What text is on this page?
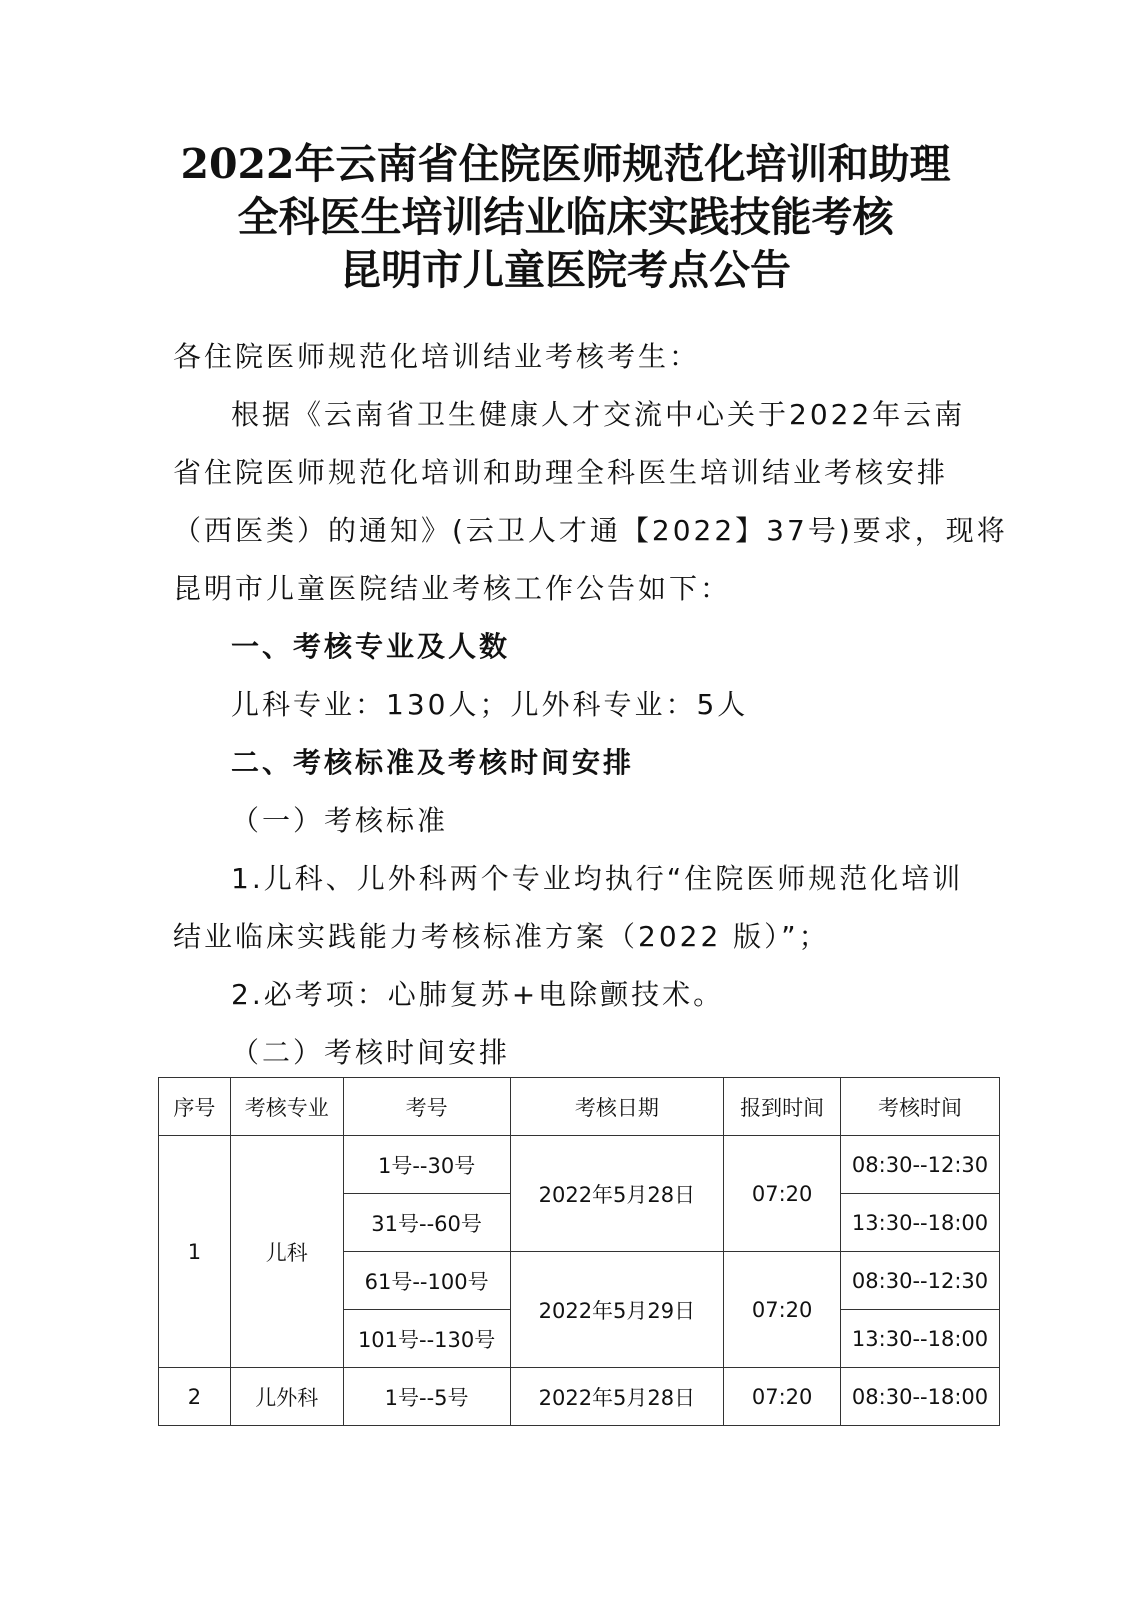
2022年云南省住院医师规范化培训和助理
全科医生培训结业临床实践技能考核
昆明市儿童医院考点公告
各住院医师规范化培训结业考核考生：
根据《云南省卫生健康人才交流中心关于2022年云南
省住院医师规范化培训和助理全科医生培训结业考核安排
（西医类）的通知》(云卫人才通【2022】37号)要求，现将
昆明市儿童医院结业考核工作公告如下：
一、考核专业及人数
儿科专业：130人；儿外科专业：5人
二、考核标准及考核时间安排
（一）考核标准
1.儿科、儿外科两个专业均执行“住院医师规范化培训
结业临床实践能力考核标准方案（2022 版）”；
2.必考项：心肺复苏+电除颤技术。
（二）考核时间安排
序号	考核专业	考号	考核日期	报到时间	考核时间
1	儿科	1号--30号	2022年5月28日	07:20	08:30--12:30
		31号--60号			13:30--18:00
		61号--100号	2022年5月29日	07:20	08:30--12:30
		101号--130号			13:30--18:00
2	儿外科	1号--5号	2022年5月28日	07:20	08:30--18:00
